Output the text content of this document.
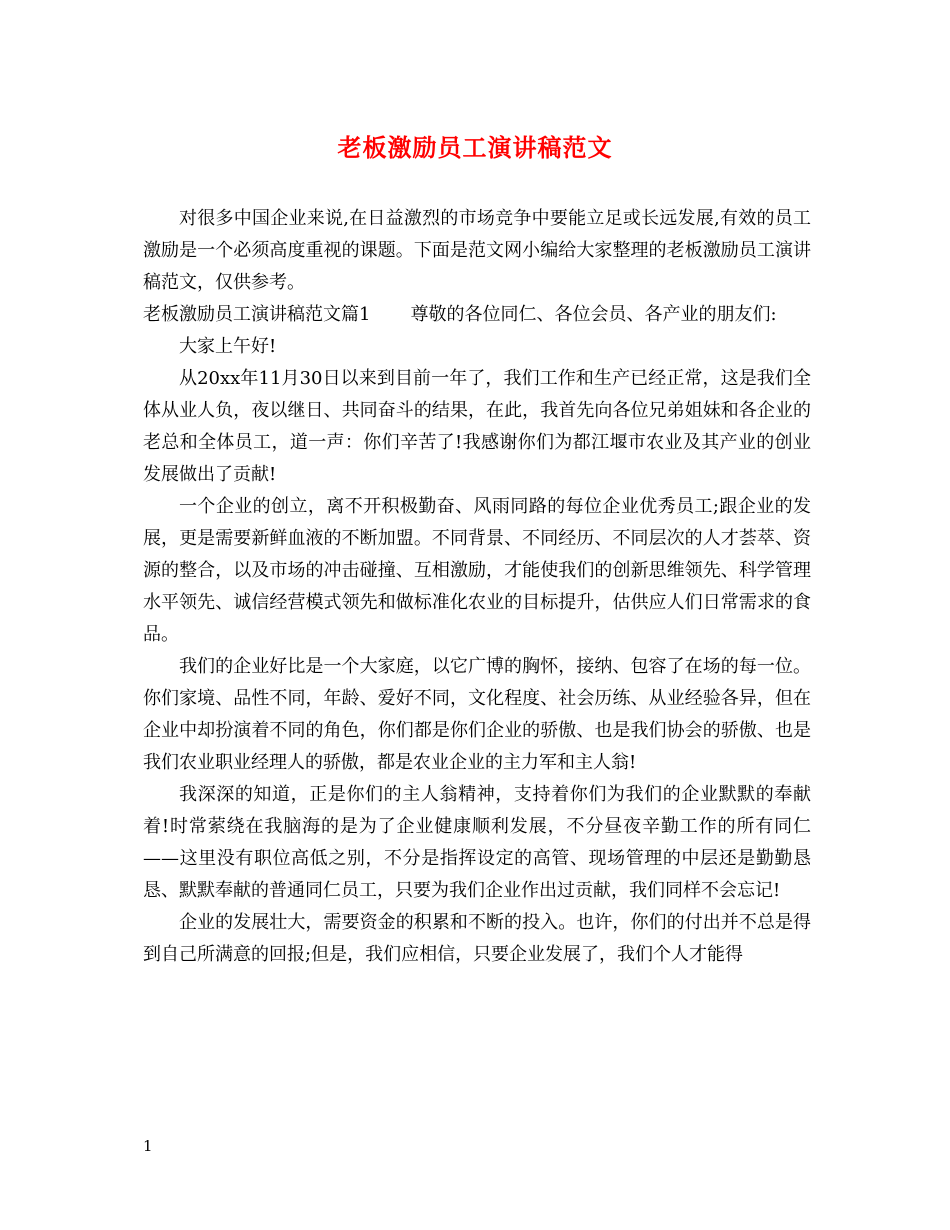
老板激励员工演讲稿范文

对很多中国企业来说,在日益激烈的市场竞争中要能立足或长远发展,有效的员工激励是一个必须高度重视的课题。下面是范文网小编给大家整理的老板激励员工演讲稿范文，仅供参考。

老板激励员工演讲稿范文篇1 尊敬的各位同仁、各位会员、各产业的朋友们:

大家上午好!

从20xx年11月30日以来到目前一年了，我们工作和生产已经正常，这是我们全体从业人负，夜以继日、共同奋斗的结果，在此，我首先向各位兄弟姐妹和各企业的老总和全体员工，道一声：你们辛苦了!我感谢你们为都江堰市农业及其产业的创业发展做出了贡献!

一个企业的创立，离不开积极勤奋、风雨同路的每位企业优秀员工;跟企业的发展，更是需要新鲜血液的不断加盟。不同背景、不同经历、不同层次的人才荟萃、资源的整合，以及市场的冲击碰撞、互相激励，才能使我们的创新思维领先、科学管理水平领先、诚信经营模式领先和做标准化农业的目标提升，估供应人们日常需求的食品。

我们的企业好比是一个大家庭，以它广博的胸怀，接纳、包容了在场的每一位。你们家境、品性不同，年龄、爱好不同，文化程度、社会历练、从业经验各异，但在企业中却扮演着不同的角色，你们都是你们企业的骄傲、也是我们协会的骄傲、也是我们农业职业经理人的骄傲，都是农业企业的主力军和主人翁!

我深深的知道，正是你们的主人翁精神，支持着你们为我们的企业默默的奉献着!时常萦绕在我脑海的是为了企业健康顺利发展，不分昼夜辛勤工作的所有同仁——这里没有职位高低之别，不分是指挥设定的高管、现场管理的中层还是勤勤恳恳、默默奉献的普通同仁员工，只要为我们企业作出过贡献，我们同样不会忘记!

企业的发展壮大，需要资金的积累和不断的投入。也许，你们的付出并不总是得到自己所满意的回报;但是，我们应相信，只要企业发展了，我们个人才能得

1
